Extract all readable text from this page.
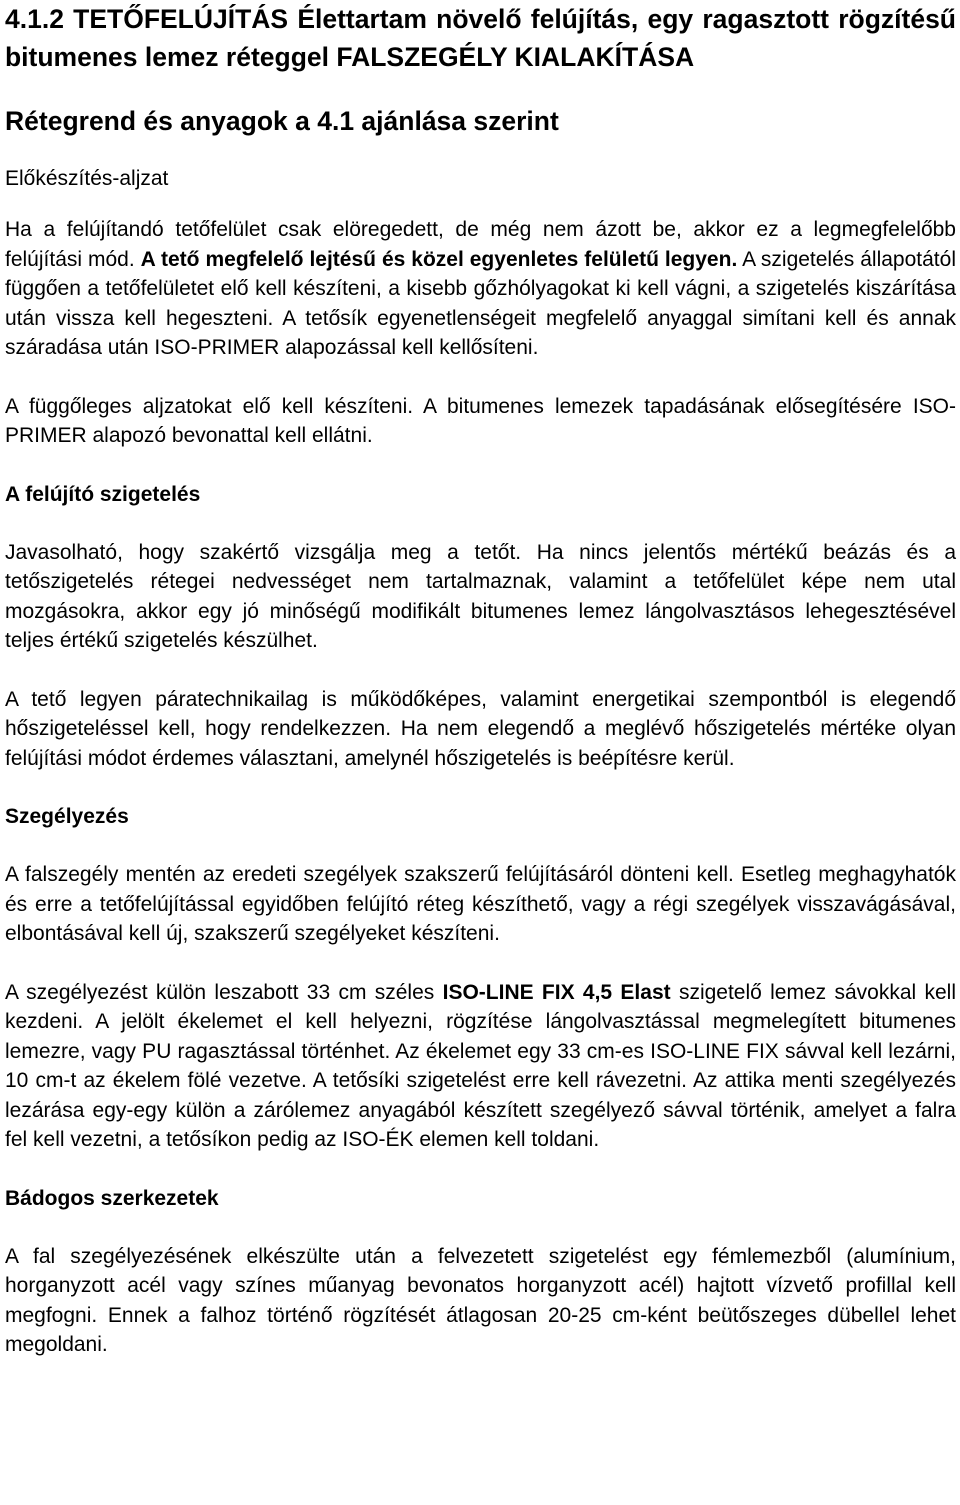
4.1.2 TETŐFELÚJÍTÁS Élettartam növelő felújítás, egy ragasztott rögzítésű bitumenes lemez réteggel FALSZEGÉLY KIALAKÍTÁSA
Rétegrend és anyagok a 4.1 ajánlása szerint
Előkészítés-aljzat

Ha a felújítandó tetőfelület csak elöregedett, de még nem ázott be, akkor ez a legmegfelelőbb felújítási mód. A tető megfelelő lejtésű és közel egyenletes felületű legyen. A szigetelés állapotától függően a tetőfelületet elő kell készíteni, a kisebb gőzhólyagokat ki kell vágni, a szigetelés kiszárítása után vissza kell hegeszteni. A tetősík egyenetlenségeit megfelelő anyaggal simítani kell és annak száradása után ISO-PRIMER alapozással kell kellősíteni.

A függőleges aljzatokat elő kell készíteni. A bitumenes lemezek tapadásának elősegítésére ISO-PRIMER alapozó bevonattal kell ellátni.

A felújító szigetelés

Javasolható, hogy szakértő vizsgálja meg a tetőt. Ha nincs jelentős mértékű beázás és a tetőszigetelés rétegei nedvességet nem tartalmaznak, valamint a tetőfelület képe nem utal mozgásokra, akkor egy jó minőségű modifikált bitumenes lemez lángolvasztásos lehegesztésével teljes értékű szigetelés készülhet.

A tető legyen páratechnikailag is működőképes, valamint energetikai szempontból is elegendő hőszigeteléssel kell, hogy rendelkezzen. Ha nem elegendő a meglévő hőszigetelés mértéke olyan felújítási módot érdemes választani, amelynél hőszigetelés is beépítésre kerül.

Szegélyezés

A falszegély mentén az eredeti szegélyek szakszerű felújításáról dönteni kell. Esetleg meghagyhatók és erre a tetőfelújítással egyidőben felújító réteg készíthető, vagy a régi szegélyek visszavágásával, elbontásával kell új, szakszerű szegélyeket készíteni.

A szegélyezést külön leszabott 33 cm széles ISO-LINE FIX 4,5 Elast szigetelő lemez sávokkal kell kezdeni. A jelölt ékelemet el kell helyezni, rögzítése lángolvasztással megmelegített bitumenes lemezre, vagy PU ragasztással történhet. Az ékelemet egy 33 cm-es ISO-LINE FIX sávval kell lezárni, 10 cm-t az ékelem fölé vezetve. A tetősíki szigetelést erre kell rávezetni. Az attika menti szegélyezés lezárása egy-egy külön a zárólemez anyagából készített szegélyező sávval történik, amelyet a falra fel kell vezetni, a tetősíkon pedig az ISO-ÉK elemen kell toldani.

Bádogos szerkezetek

A fal szegélyezésének elkészülte után a felvezetett szigetelést egy fémlemezből (alumínium, horganyzott acél vagy színes műanyag bevonatos horganyzott acél) hajtott vízvető profillal kell megfogni. Ennek a falhoz történő rögzítését átlagosan 20-25 cm-ként beütőszeges dübellel lehet megoldani.
